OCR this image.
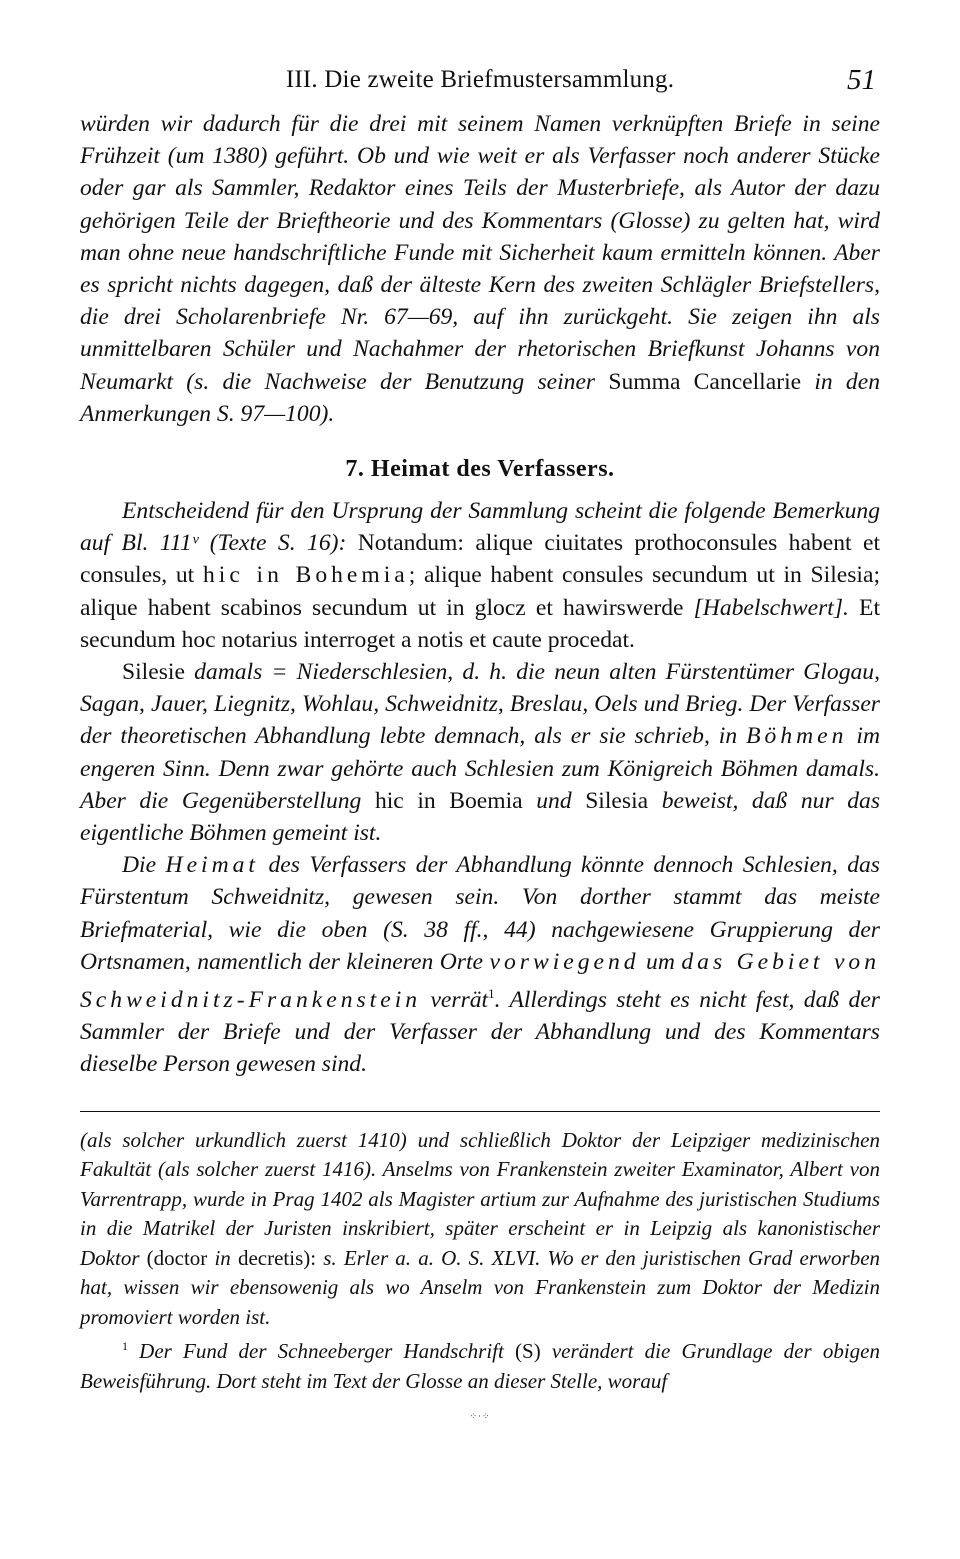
III. Die zweite Briefmustersammlung.	51

würden wir dadurch für die drei mit seinem Namen verknüpften Briefe in seine Frühzeit (um 1380) geführt. Ob und wie weit er als Verfasser noch anderer Stücke oder gar als Sammler, Redaktor eines Teils der Musterbriefe, als Autor der dazu gehörigen Teile der Brieftheorie und des Kommentars (Glosse) zu gelten hat, wird man ohne neue handschriftliche Funde mit Sicherheit kaum ermitteln können. Aber es spricht nichts dagegen, daß der älteste Kern des zweiten Schlägler Briefstellers, die drei Scholarenbriefe Nr. 67—69, auf ihn zurückgeht. Sie zeigen ihn als unmittelbaren Schüler und Nachahmer der rhetorischen Briefkunst Johanns von Neumarkt (s. die Nachweise der Benutzung seiner Summa Cancellarie in den Anmerkungen S. 97—100).

7. Heimat des Verfassers.

Entscheidend für den Ursprung der Sammlung scheint die folgende Bemerkung auf Bl. 111ᵛ (Texte S. 16): Notandum: alique ciuitates prothoconsules habent et consules, ut hic in Bohemia; alique habent consules secundum ut in Silesia; alique habent scabinos secundum ut in glocz et hawirswerde [Habelschwert]. Et secundum hoc notarius interroget a notis et caute procedat.

Silesie damals = Niederschlesien, d. h. die neun alten Fürstentümer Glogau, Sagan, Jauer, Liegnitz, Wohlau, Schweidnitz, Breslau, Oels und Brieg. Der Verfasser der theoretischen Abhandlung lebte demnach, als er sie schrieb, in Böhmen im engeren Sinn. Denn zwar gehörte auch Schlesien zum Königreich Böhmen damals. Aber die Gegenüberstellung hic in Boemia und Silesia beweist, daß nur das eigentliche Böhmen gemeint ist.

Die Heimat des Verfassers der Abhandlung könnte dennoch Schlesien, das Fürstentum Schweidnitz, gewesen sein. Von dorther stammt das meiste Briefmaterial, wie die oben (S. 38 ff., 44) nachgewiesene Gruppierung der Ortsnamen, namentlich der kleineren Orte vorwiegend um das Gebiet von Schweidnitz-Frankenstein verrät$^1$. Allerdings steht es nicht fest, daß der Sammler der Briefe und der Verfasser der Abhandlung und des Kommentars dieselbe Person gewesen sind.

(als solcher urkundlich zuerst 1410) und schließlich Doktor der Leipziger medizinischen Fakultät (als solcher zuerst 1416). Anselms von Frankenstein zweiter Examinator, Albert von Varrentrapp, wurde in Prag 1402 als Magister artium zur Aufnahme des juristischen Studiums in die Matrikel der Juristen inskribiert, später erscheint er in Leipzig als kanonistischer Doktor (doctor in decretis): s. Erler a. a. O. S. XLVI. Wo er den juristischen Grad erworben hat, wissen wir ebensowenig als wo Anselm von Frankenstein zum Doktor der Medizin promoviert worden ist.

$^1$ Der Fund der Schneeberger Handschrift (S) verändert die Grundlage der obigen Beweisführung. Dort steht im Text der Glosse an dieser Stelle, worauf

⁘·⁘
